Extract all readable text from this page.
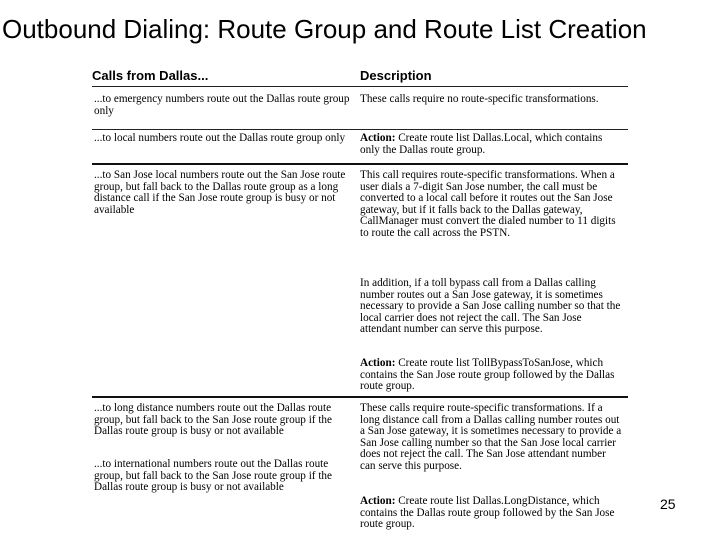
Outbound Dialing: Route Group and Route List Creation
Calls from Dallas...	Description
...to emergency numbers route out the Dallas route group only
These calls require no route-specific transformations.
...to local numbers route out the Dallas route group only	Action: Create route list Dallas.Local, which contains only the Dallas route group.
...to San Jose local numbers route out the San Jose route group, but fall back to the Dallas route group as a long distance call if the San Jose route group is busy or not available
This call requires route-specific transformations. When a user dials a 7-digit San Jose number, the call must be converted to a local call before it routes out the San Jose gateway, but if it falls back to the Dallas gateway, CallManager must convert the dialed number to 11 digits to route the call across the PSTN.
In addition, if a toll bypass call from a Dallas calling number routes out a San Jose gateway, it is sometimes necessary to provide a San Jose calling number so that the local carrier does not reject the call. The San Jose attendant number can serve this purpose.
Action: Create route list TollBypassToSanJose, which contains the San Jose route group followed by the Dallas route group.
...to long distance numbers route out the Dallas route group, but fall back to the San Jose route group if the Dallas route group is busy or not available
...to international numbers route out the Dallas route group, but fall back to the San Jose route group if the Dallas route group is busy or not available
These calls require route-specific transformations. If a long distance call from a Dallas calling number routes out a San Jose gateway, it is sometimes necessary to provide a San Jose calling number so that the San Jose local carrier does not reject the call. The San Jose attendant number can serve this purpose.
Action: Create route list Dallas.LongDistance, which contains the Dallas route group followed by the San Jose route group.
25
